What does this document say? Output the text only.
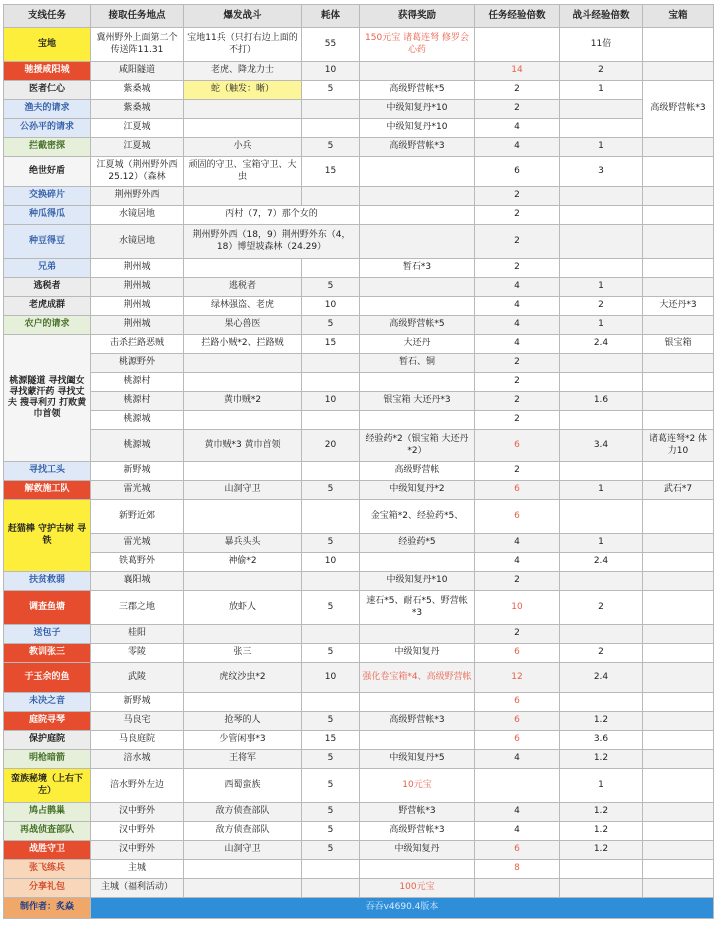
支线任务	接取任务地点	爆发战斗	耗体	获得奖励	任务经验倍数	战斗经验倍数	宝箱
宝地	冀州野外上面第二个传送阵11.31	宝地11兵（只打右边上面的不打）	55	150元宝 诸葛连弩 修罗会心药		11倍	
驰援咸阳城	咸阳隧道	老虎、降龙力士	10		14	2	
医者仁心	紫桑城	蛇（触发：晰）	5	高级野营帐*5	2	1	高级野营帐*3
渔夫的请求	紫桑城			中级知复丹*10	2		
公孙平的请求	江夏城			中级知复丹*10	4		
拦截密探	江夏城	小兵	5	高级野营帐*3	4	1	
绝世好盾	江夏城（荆州野外西25.12）（森林	顽固的守卫、宝箱守卫、大虫	15		6	3	
交换碎片	荆州野外西				2		
种瓜得瓜	水镜居地	丙村（7，7）那个女的			2		
种豆得豆	水镜居地	荆州野外西（18，9）荆州野外东（4，18）博望坡森林（24.29）			2		
兄弟	荆州城			暂石*3	2		
逃税者	荆州城	逃税者	5		4	1	
老虎成群	荆州城	绿林强盗、老虎	10		4	2	大还丹*3
农户的请求	荆州城	果心兽医	5	高级野营帐*5	4	1	
桃源隧道 寻找阖女 寻找蒙汗药 寻找丈夫 搜寻利刃 打败黄巾首领	击杀拦路恶贼	拦路小贼*2、拦路贼	15	大还丹	4	2.4	银宝箱
	桃源野外			暂石、铜	2		
	桃源村				2		
	桃源村	黄巾贼*2	10	银宝箱 大还丹*3	2	1.6	
	桃源城				2		
	桃源城	黄巾贼*3 黄巾首领	20	经验药*2（银宝箱 大还丹*2）	6	3.4	诸葛连弩*2 体力10
寻找工头	新野城			高级野营帐	2		
解救施工队	雷光城	山洞守卫	5	中级知复丹*2	6	1	武石*7
赶猫棒 守护古树 寻铁	新野近郊			金宝箱*2、经验药*5、	6		
	雷光城	暴兵头头	5	经验药*5	4	1	
	铁葛野外	神偷*2	10		4	2.4	
扶贫救弱	襄阳城			中级知复丹*10	2		
调查鱼塘	三郡之地	放虾人	5	速石*5、耐石*5、野营帐*3	10	2	
送包子	桂阳				2		
教训张三	零陵	张三	5	中级知复丹	6	2	
于玉余的鱼	武陵	虎纹沙虫*2	10	强化卷宝箱*4、高级野营帐	12	2.4	
未决之音	新野城				6		
庭院寻琴	马良宅	抢琴的人	5	高级野营帐*3	6	1.2	
保护庭院	马良庭院	少管闲事*3	15		6	3.6	
明枪暗箭	涪水城	王将军	5	中级知复丹*5	4	1.2	
蛮族秘境（上右下左）	涪水野外左边	西蜀蛮族	5	10元宝		1	
鸠占鹊巢	汉中野外	敌方侦查部队	5	野营帐*3	4	1.2	
再战侦查部队	汉中野外	敌方侦查部队	5	高级野营帐*3	4	1.2	
战胜守卫	汉中野外	山洞守卫	5	中级知复丹	6	1.2	
张飞练兵	主城				8		
分享礼包	主城（福利活动）			100元宝			
制作者：炙焱	吞吞v4690.4版本						
